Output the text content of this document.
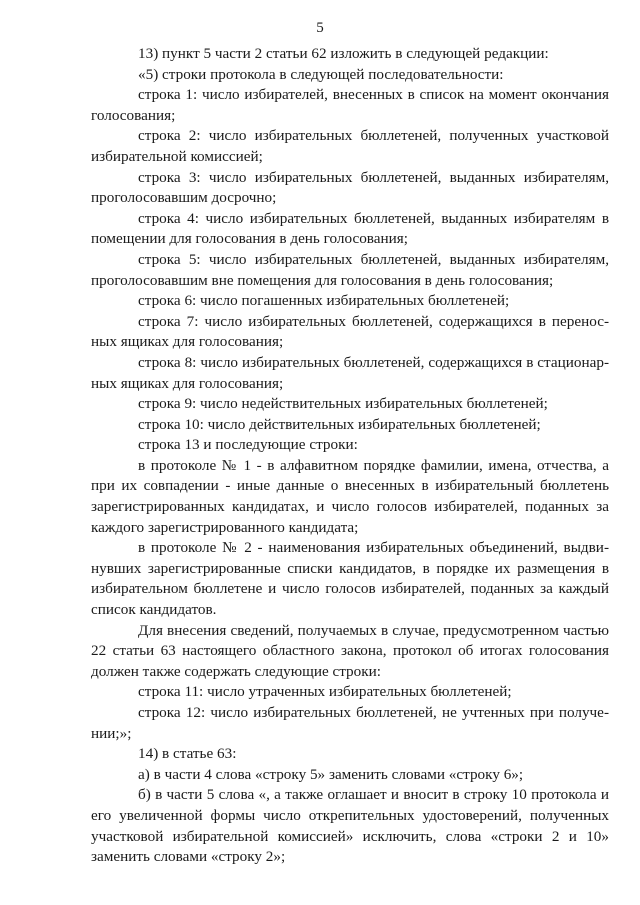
5

13) пункт 5 части 2 статьи 62 изложить в следующей редакции:

«5) строки протокола в следующей последовательности:

строка 1: число избирателей, внесенных в список на момент окончания голосования;

строка 2: число избирательных бюллетеней, полученных участковой избирательной комиссией;

строка 3: число избирательных бюллетеней, выданных избирателям, проголосовавшим досрочно;

строка 4: число избирательных бюллетеней, выданных избирателям в помещении для голосования в день голосования;

строка 5: число избирательных бюллетеней, выданных избирателям, проголосовавшим вне помещения для голосования в день голосования;

строка 6: число погашенных избирательных бюллетеней;

строка 7: число избирательных бюллетеней, содержащихся в переносных ящиках для голосования;

строка 8: число избирательных бюллетеней, содержащихся в стационарных ящиках для голосования;

строка 9: число недействительных избирательных бюллетеней;

строка 10: число действительных избирательных бюллетеней;

строка 13 и последующие строки:

в протоколе № 1 - в алфавитном порядке фамилии, имена, отчества, а при их совпадении - иные данные о внесенных в избирательный бюллетень зарегистрированных кандидатах, и число голосов избирателей, поданных за каждого зарегистрированного кандидата;

в протоколе № 2 - наименования избирательных объединений, выдвинувших зарегистрированные списки кандидатов, в порядке их размещения в избирательном бюллетене и число голосов избирателей, поданных за каждый список кандидатов.

Для внесения сведений, получаемых в случае, предусмотренном частью 22 статьи 63 настоящего областного закона, протокол об итогах голосования должен также содержать следующие строки:

строка 11: число утраченных избирательных бюллетеней;

строка 12: число избирательных бюллетеней, не учтенных при получении;»;

14) в статье 63:

а) в части 4 слова «строку 5» заменить словами «строку 6»;

б) в части 5 слова «, а также оглашает и вносит в строку 10 протокола и его увеличенной формы число открепительных удостоверений, полученных участковой избирательной комиссией» исключить, слова «строки 2 и 10» заменить словами «строку 2»;
